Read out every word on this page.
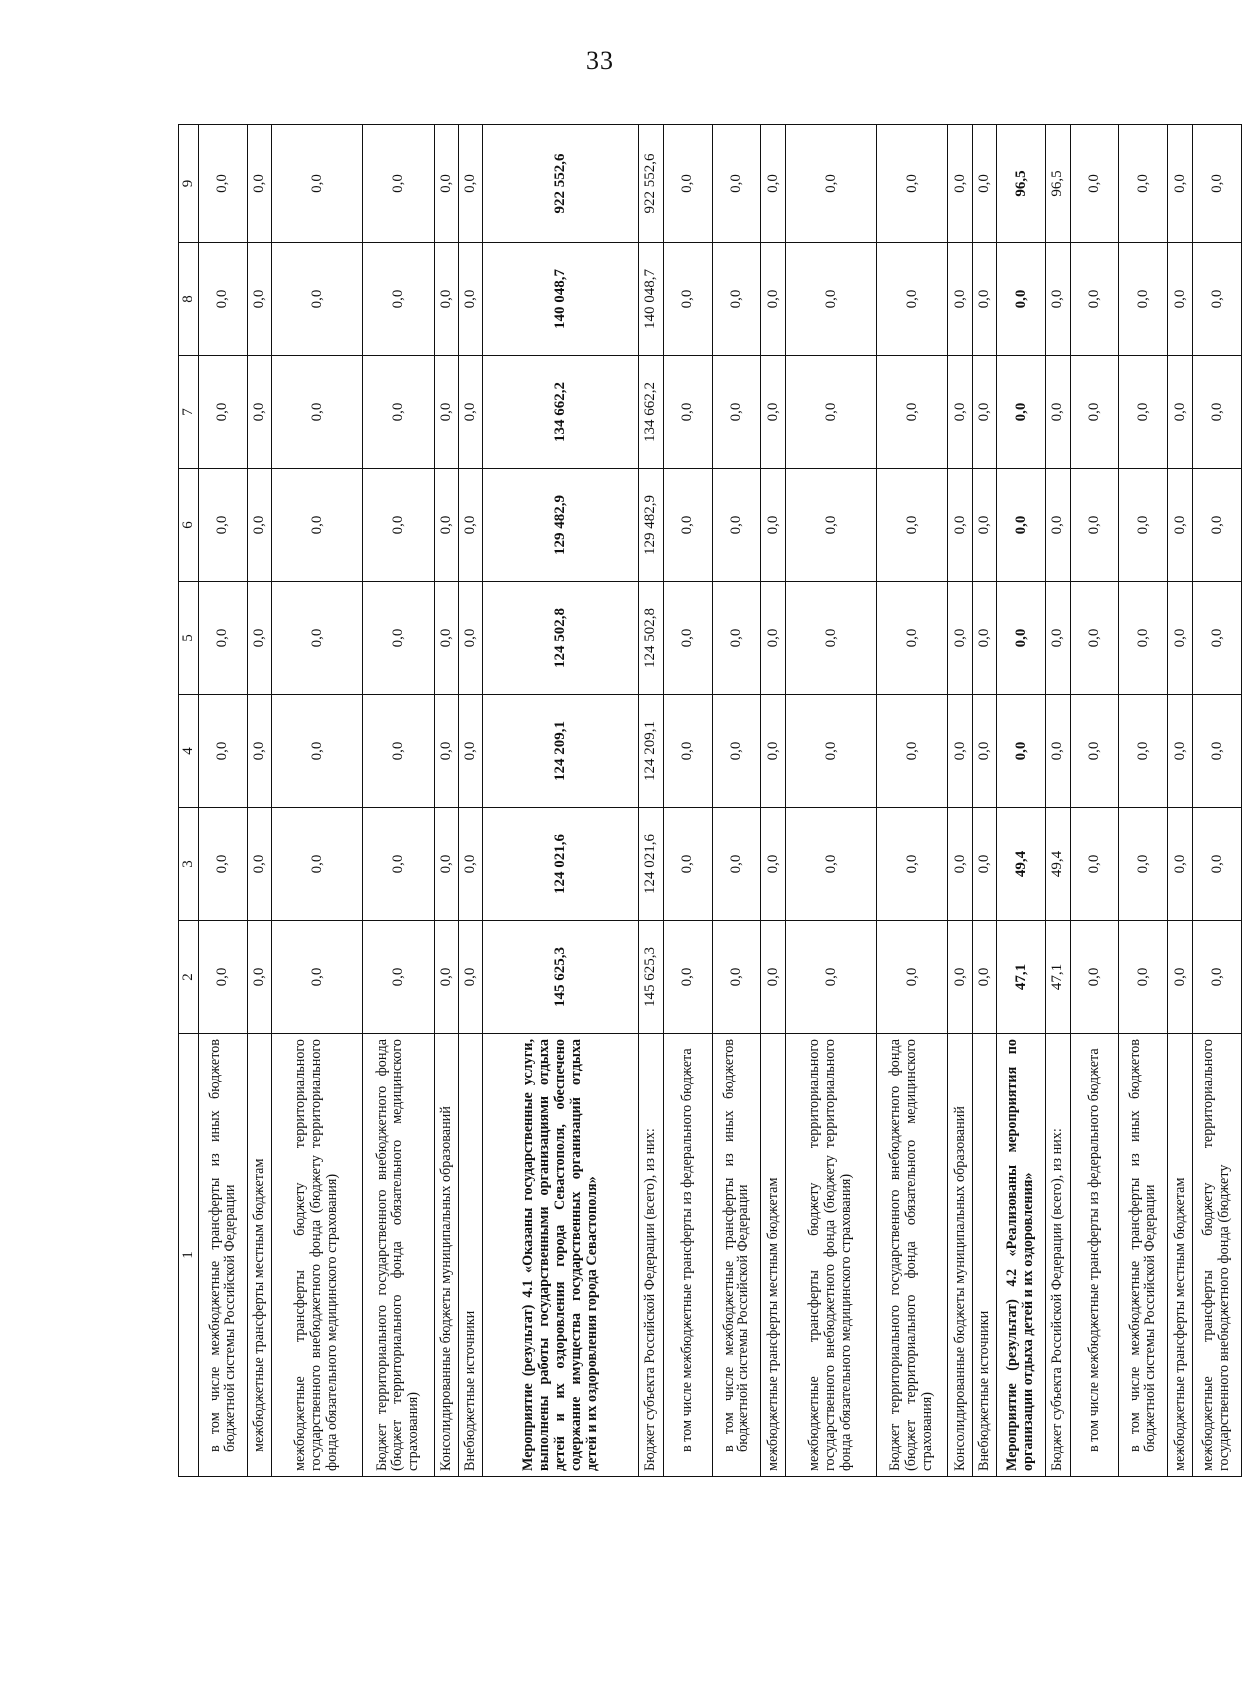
33
1	2	3	4	5	6	7	8	9
в том числе межбюджетные трансферты из иных бюджетов бюджетной системы Российской Федерации	0,0	0,0	0,0	0,0	0,0	0,0	0,0	0,0
межбюджетные трансферты местным бюджетам	0,0	0,0	0,0	0,0	0,0	0,0	0,0	0,0
межбюджетные трансферты бюджету территориального государственного внебюджетного фонда (бюджету территориального фонда обязательного медицинского страхования)	0,0	0,0	0,0	0,0	0,0	0,0	0,0	0,0
Бюджет территориального государственного внебюджетного фонда (бюджет территориального фонда обязательного медицинского страхования)	0,0	0,0	0,0	0,0	0,0	0,0	0,0	0,0
Консолидированные бюджеты муниципальных образований	0,0	0,0	0,0	0,0	0,0	0,0	0,0	0,0
Внебюджетные источники	0,0	0,0	0,0	0,0	0,0	0,0	0,0	0,0
Мероприятие (результат) 4.1 «Оказаны государственные услуги, выполнены работы государственными организациями отдыха детей и их оздоровления города Севастополя, обеспечено содержание имущества государственных организаций отдыха детей и их оздоровления города Севастополя»	145 625,3	124 021,6	124 209,1	124 502,8	129 482,9	134 662,2	140 048,7	922 552,6
Бюджет субъекта Российской Федерации (всего), из них:	145 625,3	124 021,6	124 209,1	124 502,8	129 482,9	134 662,2	140 048,7	922 552,6
в том числе межбюджетные трансферты из федерального бюджета	0,0	0,0	0,0	0,0	0,0	0,0	0,0	0,0
в том числе межбюджетные трансферты из иных бюджетов бюджетной системы Российской Федерации	0,0	0,0	0,0	0,0	0,0	0,0	0,0	0,0
межбюджетные трансферты местным бюджетам	0,0	0,0	0,0	0,0	0,0	0,0	0,0	0,0
межбюджетные трансферты бюджету территориального государственного внебюджетного фонда (бюджету территориального фонда обязательного медицинского страхования)	0,0	0,0	0,0	0,0	0,0	0,0	0,0	0,0
Бюджет территориального государственного внебюджетного фонда (бюджет территориального фонда обязательного медицинского страхования)	0,0	0,0	0,0	0,0	0,0	0,0	0,0	0,0
Консолидированные бюджеты муниципальных образований	0,0	0,0	0,0	0,0	0,0	0,0	0,0	0,0
Внебюджетные источники	0,0	0,0	0,0	0,0	0,0	0,0	0,0	0,0
Мероприятие (результат) 4.2 «Реализованы мероприятия по организации отдыха детей и их оздоровления»	47,1	49,4	0,0	0,0	0,0	0,0	0,0	96,5
Бюджет субъекта Российской Федерации (всего), из них:	47,1	49,4	0,0	0,0	0,0	0,0	0,0	96,5
в том числе межбюджетные трансферты из федерального бюджета	0,0	0,0	0,0	0,0	0,0	0,0	0,0	0,0
в том числе межбюджетные трансферты из иных бюджетов бюджетной системы Российской Федерации	0,0	0,0	0,0	0,0	0,0	0,0	0,0	0,0
межбюджетные трансферты местным бюджетам	0,0	0,0	0,0	0,0	0,0	0,0	0,0	0,0
межбюджетные трансферты бюджету территориального государственного внебюджетного фонда (бюджету	0,0	0,0	0,0	0,0	0,0	0,0	0,0	0,0
